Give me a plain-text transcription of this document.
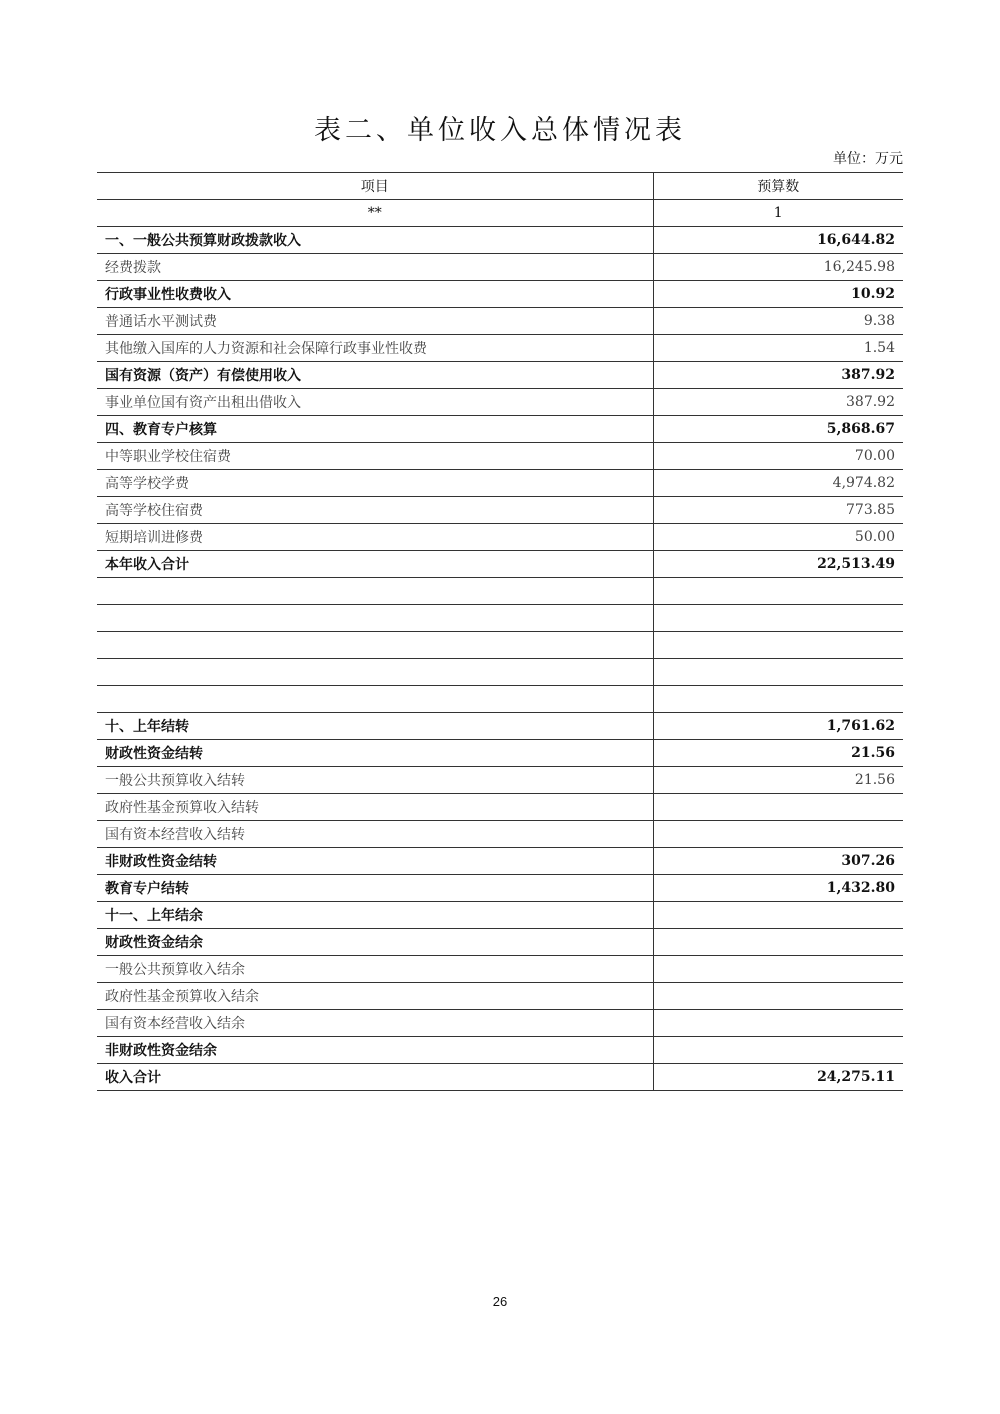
表二、单位收入总体情况表
单位：万元
项目	预算数
**	1
一、一般公共预算财政拨款收入	16,644.82
经费拨款	16,245.98
行政事业性收费收入	10.92
普通话水平测试费	9.38
其他缴入国库的人力资源和社会保障行政事业性收费	1.54
国有资源（资产）有偿使用收入	387.92
事业单位国有资产出租出借收入	387.92
四、教育专户核算	5,868.67
中等职业学校住宿费	70.00
高等学校学费	4,974.82
高等学校住宿费	773.85
短期培训进修费	50.00
本年收入合计	22,513.49

十、上年结转	1,761.62
财政性资金结转	21.56
一般公共预算收入结转	21.56
政府性基金预算收入结转	
国有资本经营收入结转	
非财政性资金结转	307.26
教育专户结转	1,432.80
十一、上年结余	
财政性资金结余	
一般公共预算收入结余	
政府性基金预算收入结余	
国有资本经营收入结余	
非财政性资金结余	
收入合计	24,275.11
26
